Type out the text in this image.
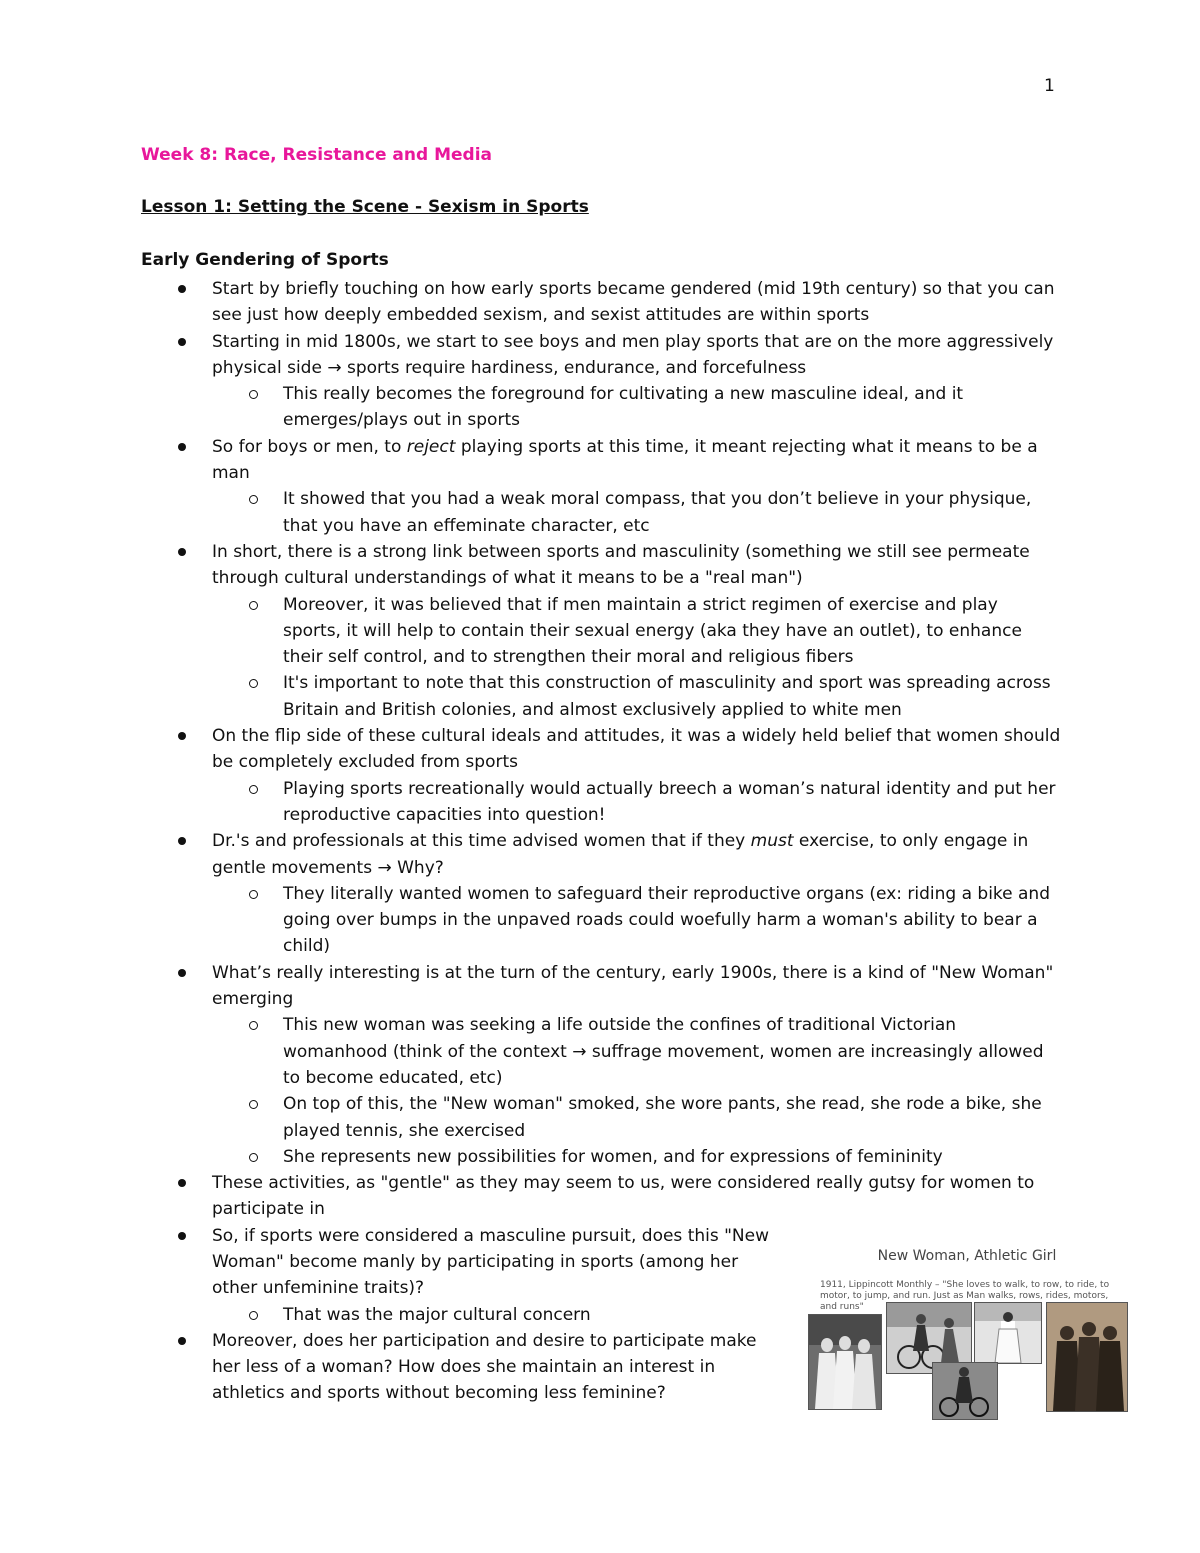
1
Week 8: Race, Resistance and Media
Lesson 1: Setting the Scene - Sexism in Sports
Early Gendering of Sports
Start by briefly touching on how early sports became gendered (mid 19th century) so that you can see just how deeply embedded sexism, and sexist attitudes are within sports
Starting in mid 1800s, we start to see boys and men play sports that are on the more aggressively physical side → sports require hardiness, endurance, and forcefulness
This really becomes the foreground for cultivating a new masculine ideal, and it emerges/plays out in sports
So for boys or men, to reject playing sports at this time, it meant rejecting what it means to be a man
It showed that you had a weak moral compass, that you don’t believe in your physique, that you have an effeminate character, etc
In short, there is a strong link between sports and masculinity (something we still see permeate through cultural understandings of what it means to be a "real man")
Moreover, it was believed that if men maintain a strict regimen of exercise and play sports, it will help to contain their sexual energy (aka they have an outlet), to enhance their self control, and to strengthen their moral and religious fibers
It's important to note that this construction of masculinity and sport was spreading across Britain and British colonies, and almost exclusively applied to white men
On the flip side of these cultural ideals and attitudes, it was a widely held belief that women should be completely excluded from sports
Playing sports recreationally would actually breech a woman’s natural identity and put her reproductive capacities into question!
Dr.'s and professionals at this time advised women that if they must exercise, to only engage in gentle movements → Why?
They literally wanted women to safeguard their reproductive organs (ex: riding a bike and going over bumps in the unpaved roads could woefully harm a woman's ability to bear a child)
What’s really interesting is at the turn of the century, early 1900s, there is a kind of "New Woman" emerging
This new woman was seeking a life outside the confines of traditional Victorian womanhood (think of the context → suffrage movement, women are increasingly allowed to become educated, etc)
On top of this, the "New woman" smoked, she wore pants, she read, she rode a bike, she played tennis, she exercised
She represents new possibilities for women, and for expressions of femininity
These activities, as "gentle" as they may seem to us, were considered really gutsy for women to participate in
So, if sports were considered a masculine pursuit, does this "New Woman" become manly by participating in sports (among her other unfeminine traits)?
That was the major cultural concern
Moreover, does her participation and desire to participate make her less of a woman? How does she maintain an interest in athletics and sports without becoming less feminine?
New Woman, Athletic Girl
1911, Lippincott Monthly – "She loves to walk, to row, to ride, to motor, to jump, and run. Just as Man walks, rows, rides, motors, and runs"
